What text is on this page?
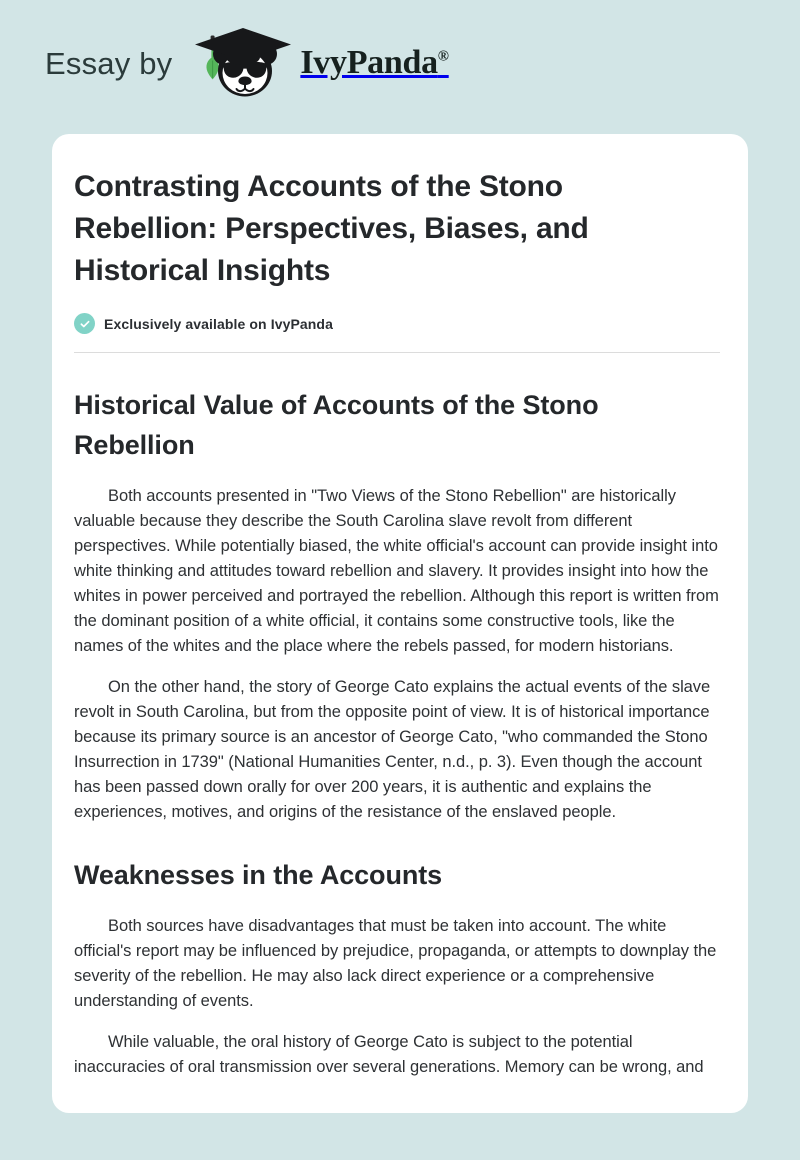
Essay by	IvyPanda®
Contrasting Accounts of the Stono Rebellion: Perspectives, Biases, and Historical Insights
Exclusively available on IvyPanda
Historical Value of Accounts of the Stono Rebellion

Both accounts presented in "Two Views of the Stono Rebellion" are historically valuable because they describe the South Carolina slave revolt from different perspectives. While potentially biased, the white official's account can provide insight into white thinking and attitudes toward rebellion and slavery. It provides insight into how the whites in power perceived and portrayed the rebellion. Although this report is written from the dominant position of a white official, it contains some constructive tools, like the names of the whites and the place where the rebels passed, for modern historians.

On the other hand, the story of George Cato explains the actual events of the slave revolt in South Carolina, but from the opposite point of view. It is of historical importance because its primary source is an ancestor of George Cato, "who commanded the Stono Insurrection in 1739" (National Humanities Center, n.d., p. 3). Even though the account has been passed down orally for over 200 years, it is authentic and explains the experiences, motives, and origins of the resistance of the enslaved people.

Weaknesses in the Accounts

Both sources have disadvantages that must be taken into account. The white official's report may be influenced by prejudice, propaganda, or attempts to downplay the severity of the rebellion. He may also lack direct experience or a comprehensive understanding of events.

While valuable, the oral history of George Cato is subject to the potential inaccuracies of oral transmission over several generations. Memory can be wrong, and
